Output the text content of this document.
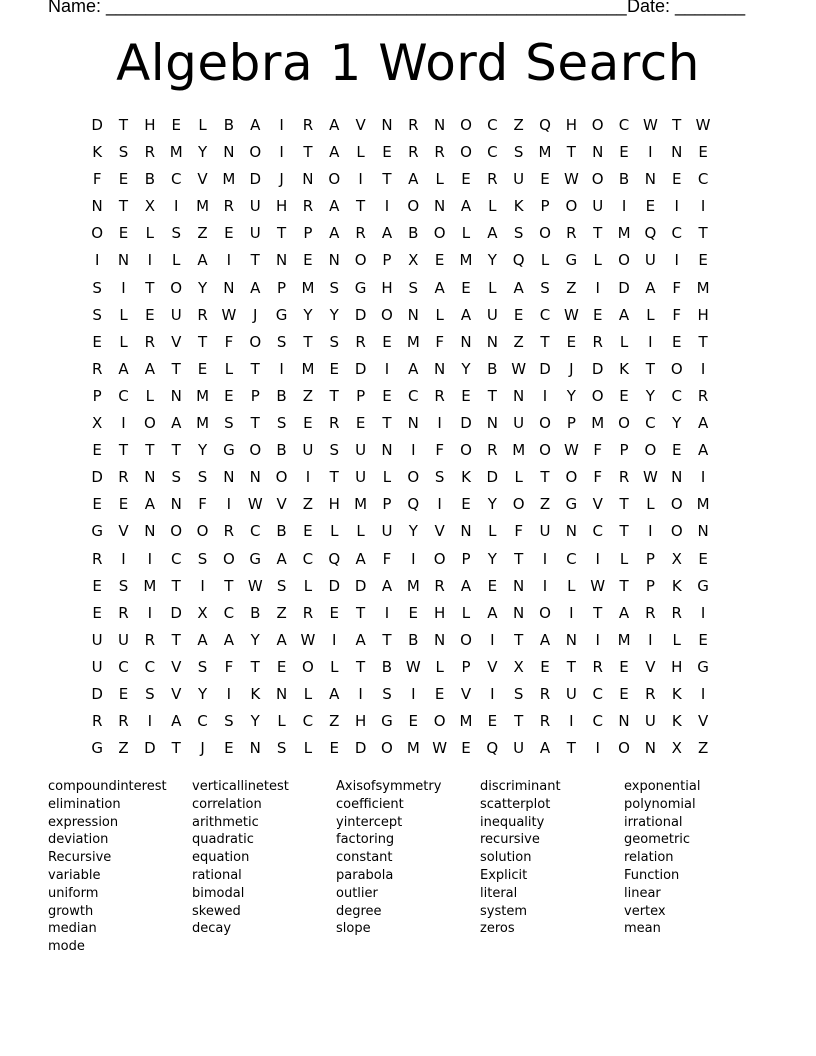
Name: ____________________________________________________ Date: _______
Algebra 1 Word Search
D	T	H	E	L	B	A	I	R	A	V	N	R	N O	C	Z	Q H O	C W T W
K	S	R M	Y	N O	I	T	A	L	E	R	R	O	C	S	M	T	N	E	I	N	E
F	E	B	C	V M D	J	N O	I	T	A	L	E	R	U	E W O	B	N	E	C
N	T	X	I	M R	U	H	R	A	T	I	O N	A	L	K	P	O U	I	E	I	I
O	E	L	S	Z	E	U	T	P	A	R	A	B	O	L	A	S	O	R	T	M Q	C	T
I	N	I	L	A	I	T	N	E	N O	P	X	E	M	Y	Q	L	G	L	O U	I	E
S	I	T	O	Y	N	A	P	M	S	G H	S	A	E	L	A	S	Z	I	D	A	F	M
S	L	E	U	R W	J	G	Y	Y	D O N	L	A	U	E	C W E	A	L	F	H
E	L	R	V	T	F	O	S	T	S	R	E	M	F	N	N	Z	T	E	R	L	I	E	T
R	A	A	T	E	L	T	I	M	E	D	I	A	N	Y	B W D	J	D	K	T	O	I
P	C	L	N M	E	P	B	Z	T	P	E	C	R	E	T	N	I	Y	O	E	Y	C	R
X	I	O	A M	S	T	S	E	R	E	T	N	I	D N	U O	P	M O	C	Y	A
E	T	T	T	Y	G O	B	U	S	U	N	I	F	O	R M O W F	P	O	E	A
D	R	N	S	S	N	N O	I	T	U	L	O	S	K	D	L	T	O	F	R W N	I
E	E	A	N	F	I	W V	Z	H M	P	Q	I	E	Y	O	Z	G	V	T	L	O M
G	V	N O O	R	C	B	E	L	L	U	Y	V	N	L	F	U	N	C	T	I	O N
R	I	I	C	S	O G	A	C	Q	A	F	I	O	P	Y	T	I	C	I	L	P	X	E
E	S	M	T	I	T W S	L	D D	A M R	A	E	N	I	L W T	P	K	G
E	R	I	D	X	C	B	Z	R	E	T	I	E	H	L	A	N O	I	T	A	R	R	I
U	U	R	T	A	A	Y	A W	I	A	T	B	N O	I	T	A	N	I	M	I	L	E
U	C	C	V	S	F	T	E	O	L	T	B W L	P	V	X	E	T	R	E	V	H G
D	E	S	V	Y	I	K	N	L	A	I	S	I	E	V	I	S	R	U	C	E	R	K	I
R	R	I	A	C	S	Y	L	C	Z	H G	E	O M	E	T	R	I	C	N	U	K	V
G	Z	D	T	J	E	N	S	L	E	D O M W E	Q U	A	T	I	O N	X	Z
compoundinterest	verticallinetest	Axisofsymmetry	discriminant	exponential
elimination	correlation	coefficient	scatterplot	polynomial
expression	arithmetic	yintercept	inequality	irrational
deviation	quadratic	factoring	recursive	geometric
Recursive	equation	constant	solution	relation
variable	rational	parabola	Explicit	Function
uniform	bimodal	outlier	literal	linear
growth	skewed	degree	system	vertex
median	decay	slope	zeros	mean
mode
